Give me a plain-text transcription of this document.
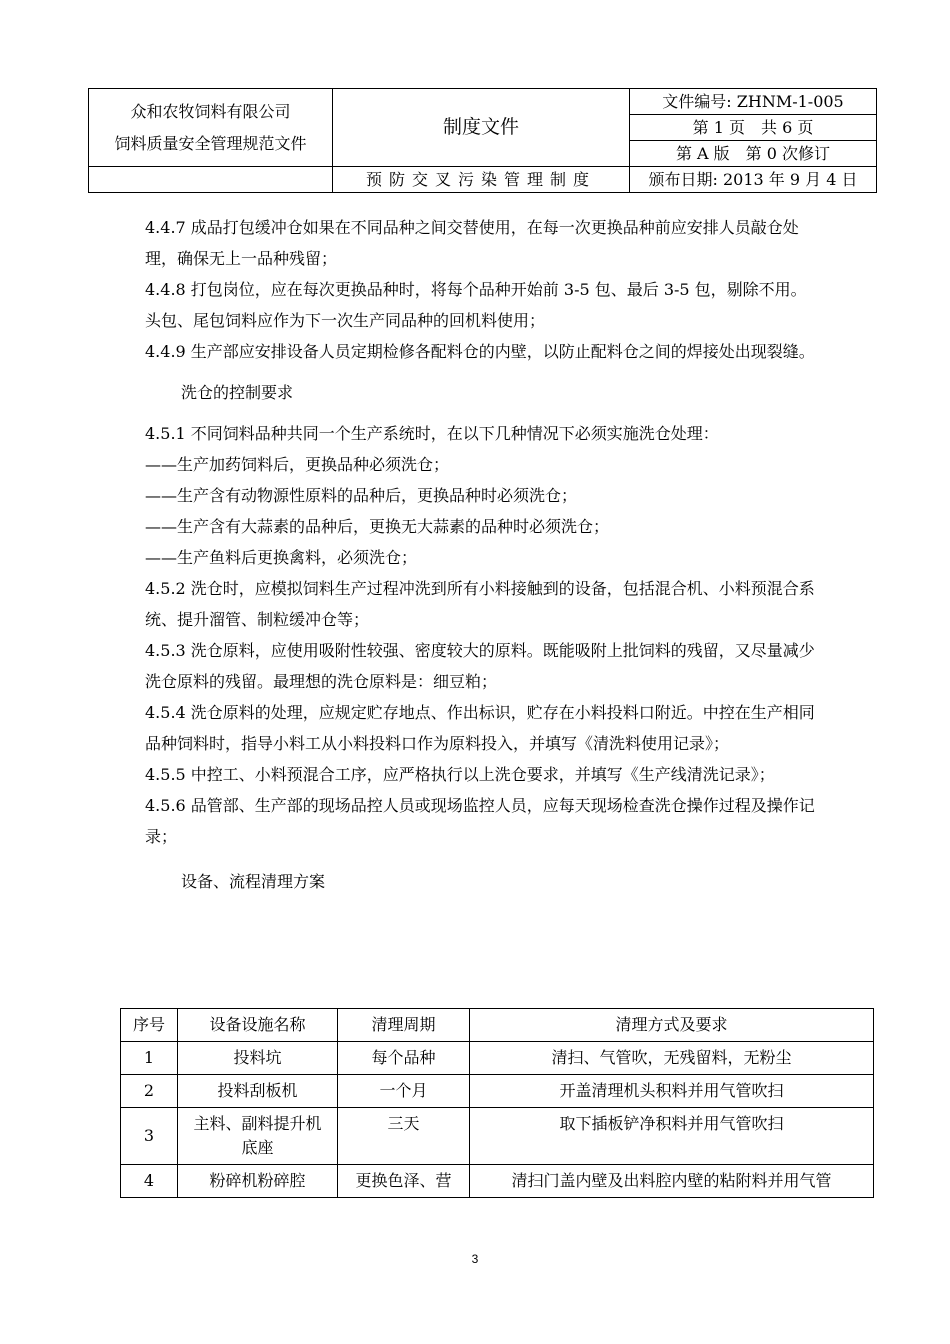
众和农牧饲料有限公司
饲料质量安全管理规范文件	制度文件	文件编号: ZHNM-1-005
		第 1 页　共 6 页
		第 A 版　第 0 次修订
	预防交叉污染管理制度	颁布日期: 2013 年 9 月 4 日

4.4.7 成品打包缓冲仓如果在不同品种之间交替使用，在每一次更换品种前应安排人员敲仓处理，确保无上一品种残留；

4.4.8 打包岗位，应在每次更换品种时，将每个品种开始前 3-5 包、最后 3-5 包，剔除不用。头包、尾包饲料应作为下一次生产同品种的回机料使用；

4.4.9 生产部应安排设备人员定期检修各配料仓的内壁，以防止配料仓之间的焊接处出现裂缝。

洗仓的控制要求

4.5.1 不同饲料品种共同一个生产系统时，在以下几种情况下必须实施洗仓处理：

——生产加药饲料后，更换品种必须洗仓；

——生产含有动物源性原料的品种后，更换品种时必须洗仓；

——生产含有大蒜素的品种后，更换无大蒜素的品种时必须洗仓；

——生产鱼料后更换禽料，必须洗仓；

4.5.2 洗仓时，应模拟饲料生产过程冲洗到所有小料接触到的设备，包括混合机、小料预混合系统、提升溜管、制粒缓冲仓等；

4.5.3 洗仓原料，应使用吸附性较强、密度较大的原料。既能吸附上批饲料的残留，又尽量减少洗仓原料的残留。最理想的洗仓原料是：细豆粕；

4.5.4 洗仓原料的处理，应规定贮存地点、作出标识，贮存在小料投料口附近。中控在生产相同品种饲料时，指导小料工从小料投料口作为原料投入，并填写《清洗料使用记录》；

4.5.5 中控工、小料预混合工序，应严格执行以上洗仓要求，并填写《生产线清洗记录》；

4.5.6 品管部、生产部的现场品控人员或现场监控人员，应每天现场检查洗仓操作过程及操作记录；

设备、流程清理方案

序号	设备设施名称	清理周期	清理方式及要求
1	投料坑	每个品种	清扫、气管吹，无残留料，无粉尘
2	投料刮板机	一个月	开盖清理机头积料并用气管吹扫
3	主料、副料提升机底座	三天	取下插板铲净积料并用气管吹扫
4	粉碎机粉碎腔	更换色泽、营	清扫门盖内壁及出料腔内壁的粘附料并用气管
3
